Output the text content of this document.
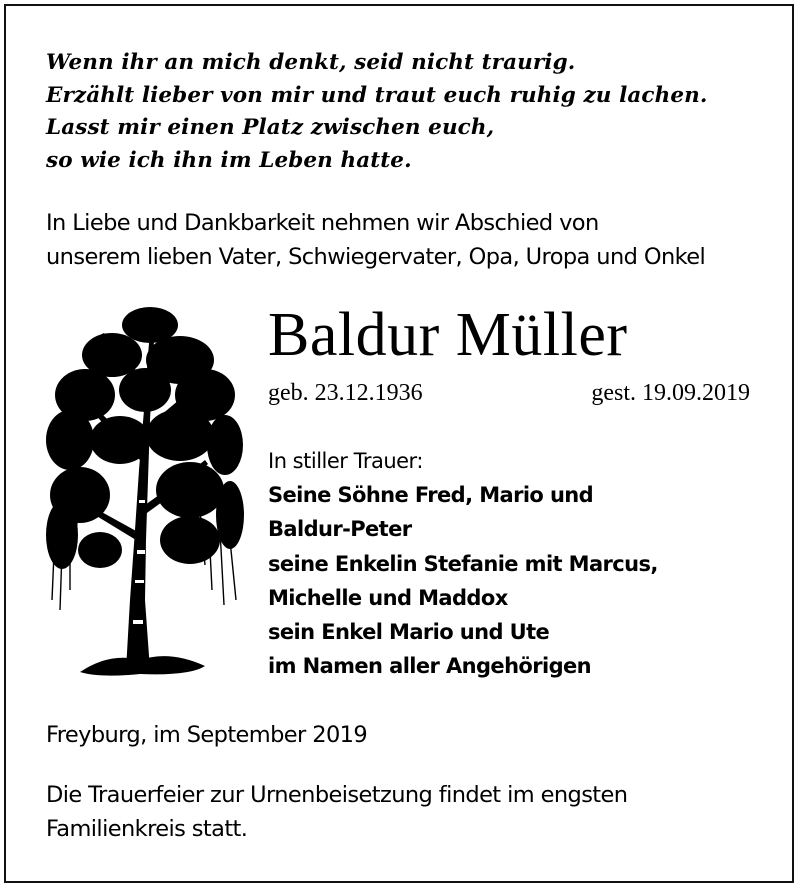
Wenn ihr an mich denkt, seid nicht traurig.
Erzählt lieber von mir und traut euch ruhig zu lachen.
Lasst mir einen Platz zwischen euch,
so wie ich ihn im Leben hatte.
In Liebe und Dankbarkeit nehmen wir Abschied von
unserem lieben Vater, Schwiegervater, Opa, Uropa und Onkel
Baldur Müller
geb. 23.12.1936	gest. 19.09.2019
In stiller Trauer:
Seine Söhne Fred, Mario und
Baldur-Peter
seine Enkelin Stefanie mit Marcus,
Michelle und Maddox
sein Enkel Mario und Ute
im Namen aller Angehörigen
Freyburg, im September 2019
Die Trauerfeier zur Urnenbeisetzung findet im engsten
Familienkreis statt.
